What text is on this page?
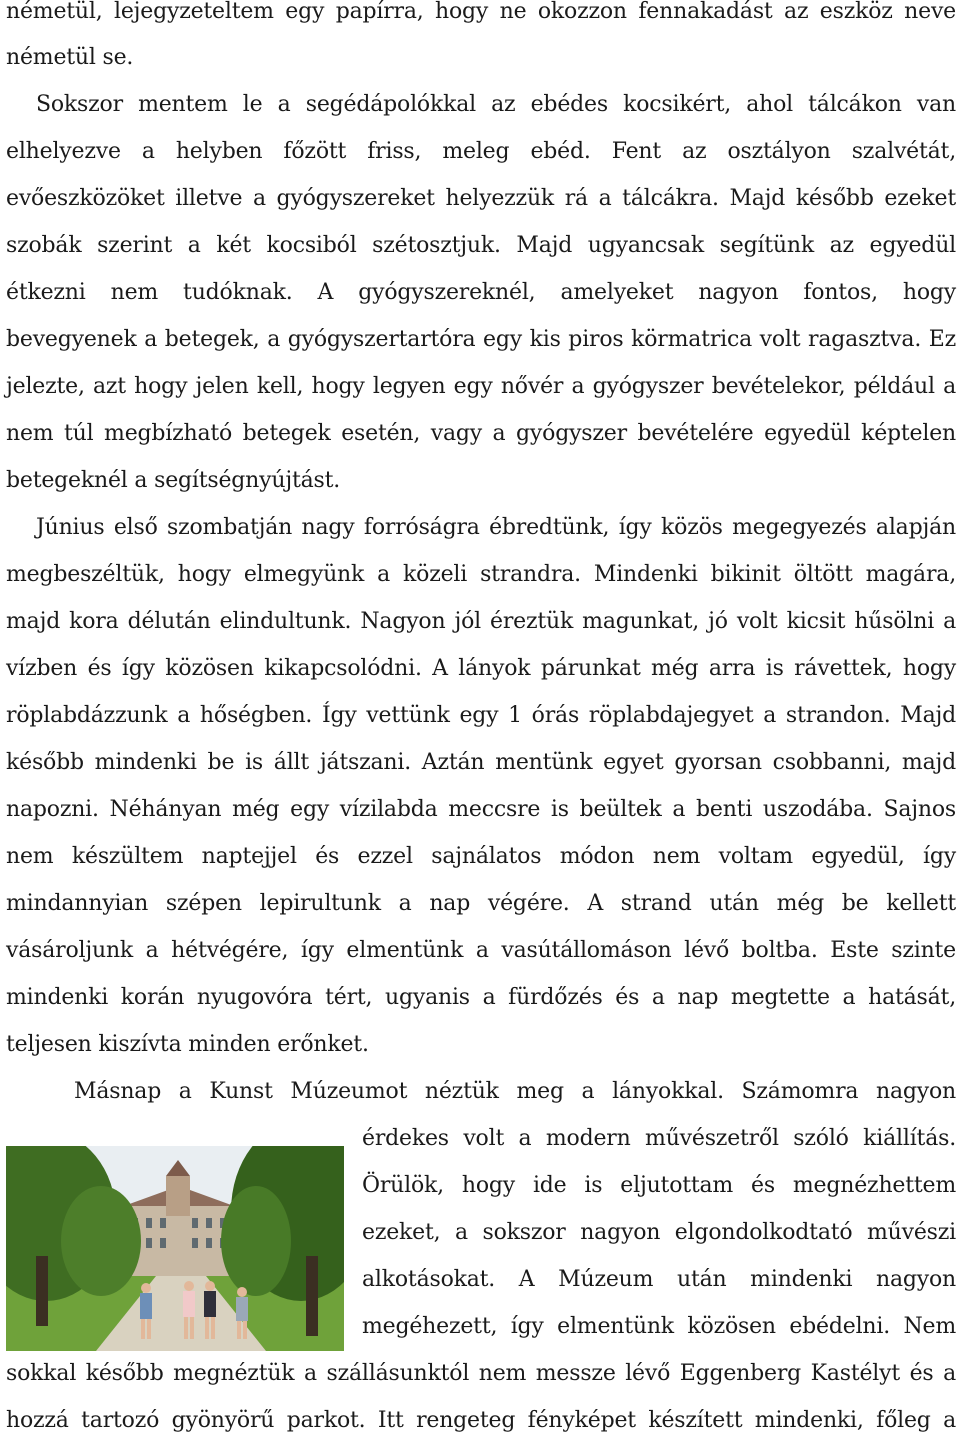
németül, lejegyzeteltem egy papírra, hogy ne okozzon fennakadást az eszköz neve
németül se.
Sokszor mentem le a segédápolókkal az ebédes kocsikért, ahol tálcákon van
elhelyezve a helyben főzött friss, meleg ebéd. Fent az osztályon szalvétát,
evőeszközöket illetve a gyógyszereket helyezzük rá a tálcákra. Majd később ezeket
szobák szerint a két kocsiból szétosztjuk. Majd ugyancsak segítünk az egyedül
étkezni nem tudóknak. A gyógyszereknél, amelyeket nagyon fontos, hogy
bevegyenek a betegek, a gyógyszertartóra egy kis piros körmatrica volt ragasztva. Ez
jelezte, azt hogy jelen kell, hogy legyen egy nővér a gyógyszer bevételekor, például a
nem túl megbízható betegek esetén, vagy a gyógyszer bevételére egyedül képtelen
betegeknél a segítségnyújtást.
Június első szombatján nagy forróságra ébredtünk, így közös megegyezés alapján
megbeszéltük, hogy elmegyünk a közeli strandra. Mindenki bikinit öltött magára,
majd kora délután elindultunk. Nagyon jól éreztük magunkat, jó volt kicsit hűsölni a
vízben és így közösen kikapcsolódni. A lányok párunkat még arra is rávettek, hogy
röplabdázzunk a hőségben. Így vettünk egy 1 órás röplabdajegyet a strandon. Majd
később mindenki be is állt játszani. Aztán mentünk egyet gyorsan csobbanni, majd
napozni. Néhányan még egy vízilabda meccsre is beültek a benti uszodába. Sajnos
nem készültem naptejjel és ezzel sajnálatos módon nem voltam egyedül, így
mindannyian szépen lepirultunk a nap végére. A strand után még be kellett
vásároljunk a hétvégére, így elmentünk a vasútállomáson lévő boltba. Este szinte
mindenki korán nyugovóra tért, ugyanis a fürdőzés és a nap megtette a hatását,
teljesen kiszívta minden erőnket.
Másnap a Kunst Múzeumot néztük meg a lányokkal. Számomra nagyon
érdekes volt a modern művészetről szóló kiállítás.
Örülök, hogy ide is eljutottam és megnézhettem
ezeket, a sokszor nagyon elgondolkodtató művészi
alkotásokat. A Múzeum után mindenki nagyon
megéhezett, így elmentünk közösen ebédelni. Nem
sokkal később megnéztük a szállásunktól nem messze lévő Eggenberg Kastélyt és a
hozzá tartozó gyönyörű parkot. Itt rengeteg fényképet készített mindenki, főleg a
